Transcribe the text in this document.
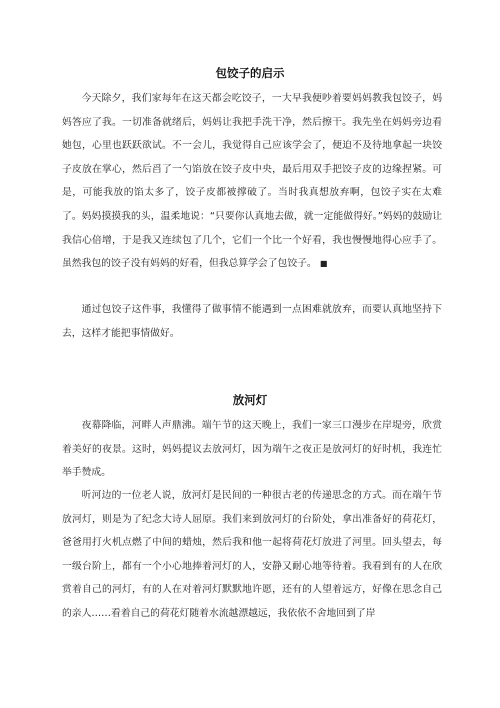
包饺子的启示
今天除夕，我们家每年在这天都会吃饺子，一大早我便吵着要妈妈教我包饺子，妈妈答应了我。一切准备就绪后，妈妈让我把手洗干净，然后擦干。我先坐在妈妈旁边看她包，心里也跃跃欲试。不一会儿，我觉得自己应该学会了，便迫不及待地拿起一块饺子皮放在掌心，然后舀了一勺馅放在饺子皮中央，最后用双手把饺子皮的边缘捏紧。可是，可能我放的馅太多了，饺子皮都被撑破了。当时我真想放弃啊，包饺子实在太难了。妈妈摸摸我的头，温柔地说：“只要你认真地去做，就一定能做得好。”妈妈的鼓励让我信心倍增，于是我又连续包了几个，它们一个比一个好看，我也慢慢地得心应手了。虽然我包的饺子没有妈妈的好看，但我总算学会了包饺子。 ■
通过包饺子这件事，我懂得了做事情不能遇到一点困难就放弃，而要认真地坚持下去，这样才能把事情做好。
放河灯
夜幕降临，河畔人声鼎沸。端午节的这天晚上，我们一家三口漫步在岸堤旁，欣赏着美好的夜景。这时，妈妈提议去放河灯，因为端午之夜正是放河灯的好时机，我连忙举手赞成。
听河边的一位老人说，放河灯是民间的一种很古老的传递思念的方式。而在端午节放河灯，则是为了纪念大诗人屈原。我们来到放河灯的台阶处，拿出准备好的荷花灯，爸爸用打火机点燃了中间的蜡烛，然后我和他一起将荷花灯放进了河里。回头望去，每一级台阶上，都有一个小心地捧着河灯的人，安静又耐心地等待着。我看到有的人在欣赏着自己的河灯，有的人在对着河灯默默地许愿，还有的人望着远方，好像在思念自己的亲人……看着自己的荷花灯随着水流越漂越远，我依依不舍地回到了岸
